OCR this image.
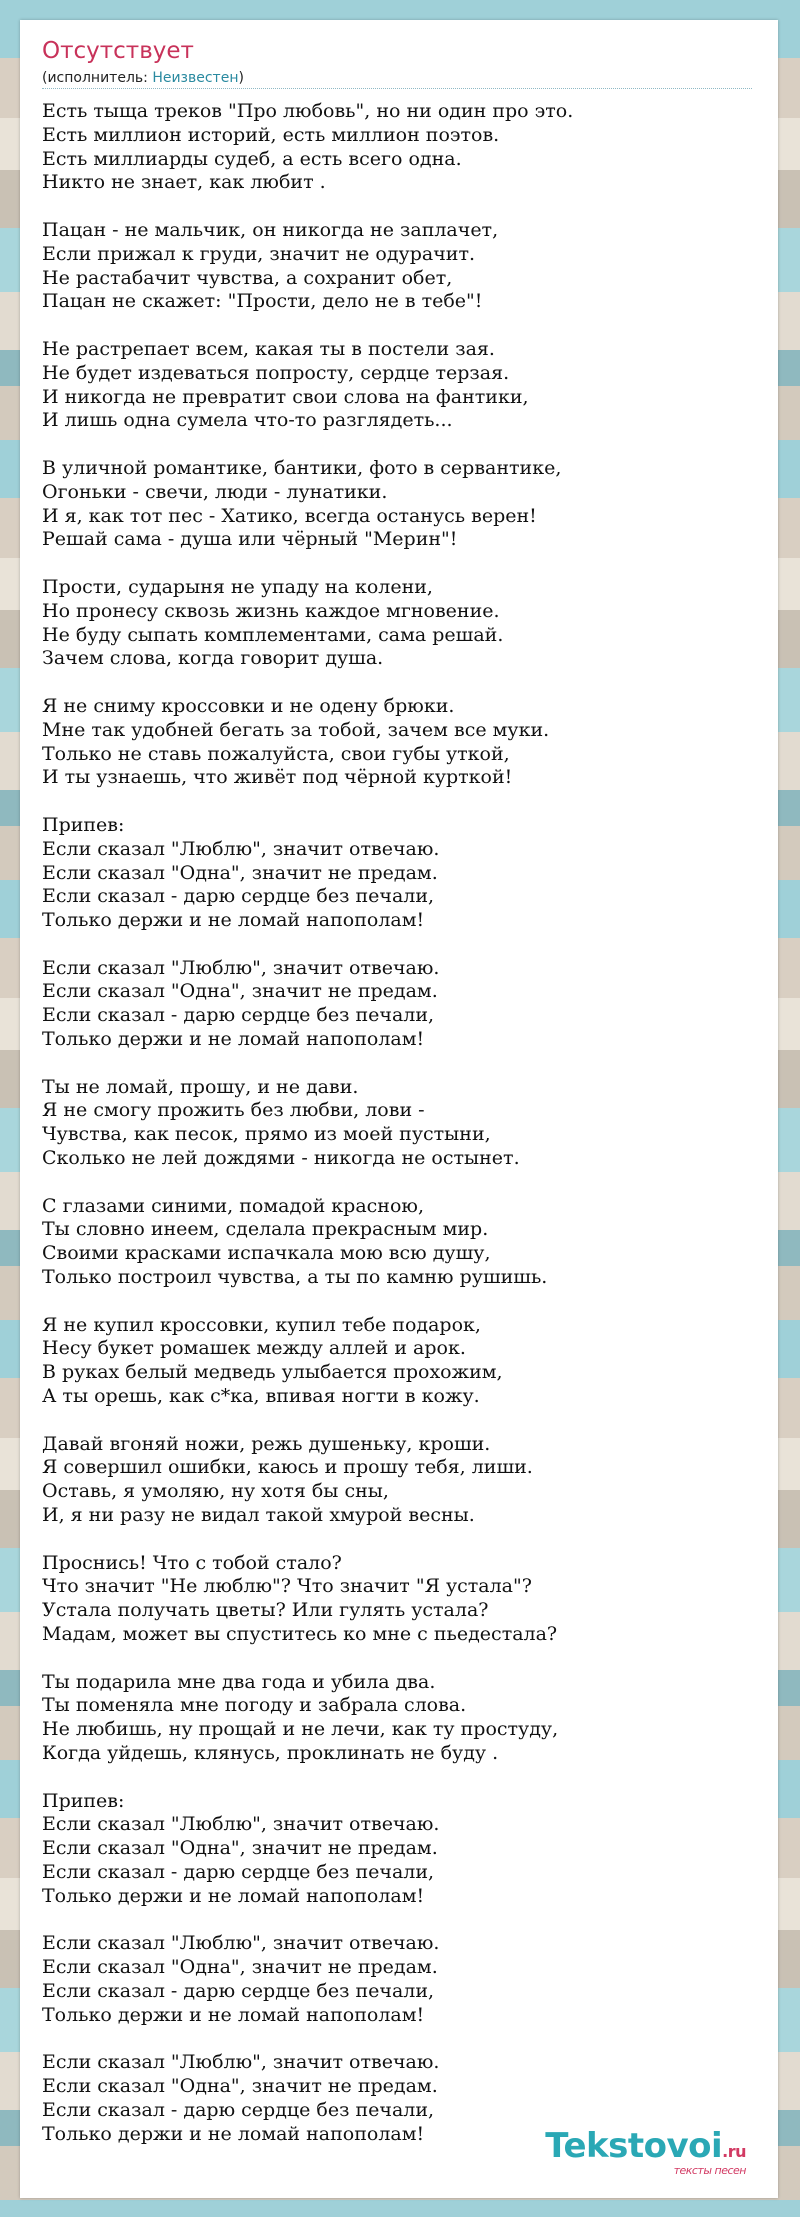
Отсутствует
(исполнитель: Неизвестен)
Есть тыща треков "Про любовь", но ни один про это.
Есть миллион историй, есть миллион поэтов.
Есть миллиарды судеб, а есть всего одна.
Никто не знает, как любит .
Пацан - не мальчик, он никогда не заплачет,
Если прижал к груди, значит не одурачит.
Не растабачит чувства, а сохранит обет,
Пацан не скажет: "Прости, дело не в тебе"!
Не растрепает всем, какая ты в постели зая.
Не будет издеваться попросту, сердце терзая.
И никогда не превратит свои слова на фантики,
И лишь одна сумела что-то разглядеть...
В уличной романтике, бантики, фото в сервантике,
Огоньки - свечи, люди - лунатики.
И я, как тот пес - Хатико, всегда останусь верен!
Решай сама - душа или чёрный "Мерин"!
Прости, сударыня не упаду на колени,
Но пронесу сквозь жизнь каждое мгновение.
Не буду сыпать комплементами, сама решай.
Зачем слова, когда говорит душа.
Я не сниму кроссовки и не одену брюки.
Мне так удобней бегать за тобой, зачем все муки.
Только не ставь пожалуйста, свои губы уткой,
И ты узнаешь, что живёт под чёрной курткой!
Припев:
Если сказал "Люблю", значит отвечаю.
Если сказал "Одна", значит не предам.
Если сказал - дарю сердце без печали,
Только держи и не ломай напополам!
Если сказал "Люблю", значит отвечаю.
Если сказал "Одна", значит не предам.
Если сказал - дарю сердце без печали,
Только держи и не ломай напополам!
Ты не ломай, прошу, и не дави.
Я не смогу прожить без любви, лови -
Чувства, как песок, прямо из моей пустыни,
Сколько не лей дождями - никогда не остынет.
С глазами синими, помадой красною,
Ты словно инеем, сделала прекрасным мир.
Своими красками испачкала мою всю душу,
Только построил чувства, а ты по камню рушишь.
Я не купил кроссовки, купил тебе подарок,
Несу букет ромашек между аллей и арок.
В руках белый медведь улыбается прохожим,
А ты орешь, как с*ка, впивая ногти в кожу.
Давай вгоняй ножи, режь душеньку, кроши.
Я совершил ошибки, каюсь и прошу тебя, лиши.
Оставь, я умоляю, ну хотя бы сны,
И, я ни разу не видал такой хмурой весны.
Проснись! Что с тобой стало?
Что значит "Не люблю"? Что значит "Я устала"?
Устала получать цветы? Или гулять устала?
Мадам, может вы спуститесь ко мне с пьедестала?
Ты подарила мне два года и убила два.
Ты поменяла мне погоду и забрала слова.
Не любишь, ну прощай и не лечи, как ту простуду,
Когда уйдешь, клянусь, проклинать не буду .
Припев:
Если сказал "Люблю", значит отвечаю.
Если сказал "Одна", значит не предам.
Если сказал - дарю сердце без печали,
Только держи и не ломай напополам!
Если сказал "Люблю", значит отвечаю.
Если сказал "Одна", значит не предам.
Если сказал - дарю сердце без печали,
Только держи и не ломай напополам!
Если сказал "Люблю", значит отвечаю.
Если сказал "Одна", значит не предам.
Если сказал - дарю сердце без печали,
Только держи и не ломай напополам!	Tekstovoi.ru
тексты песен
